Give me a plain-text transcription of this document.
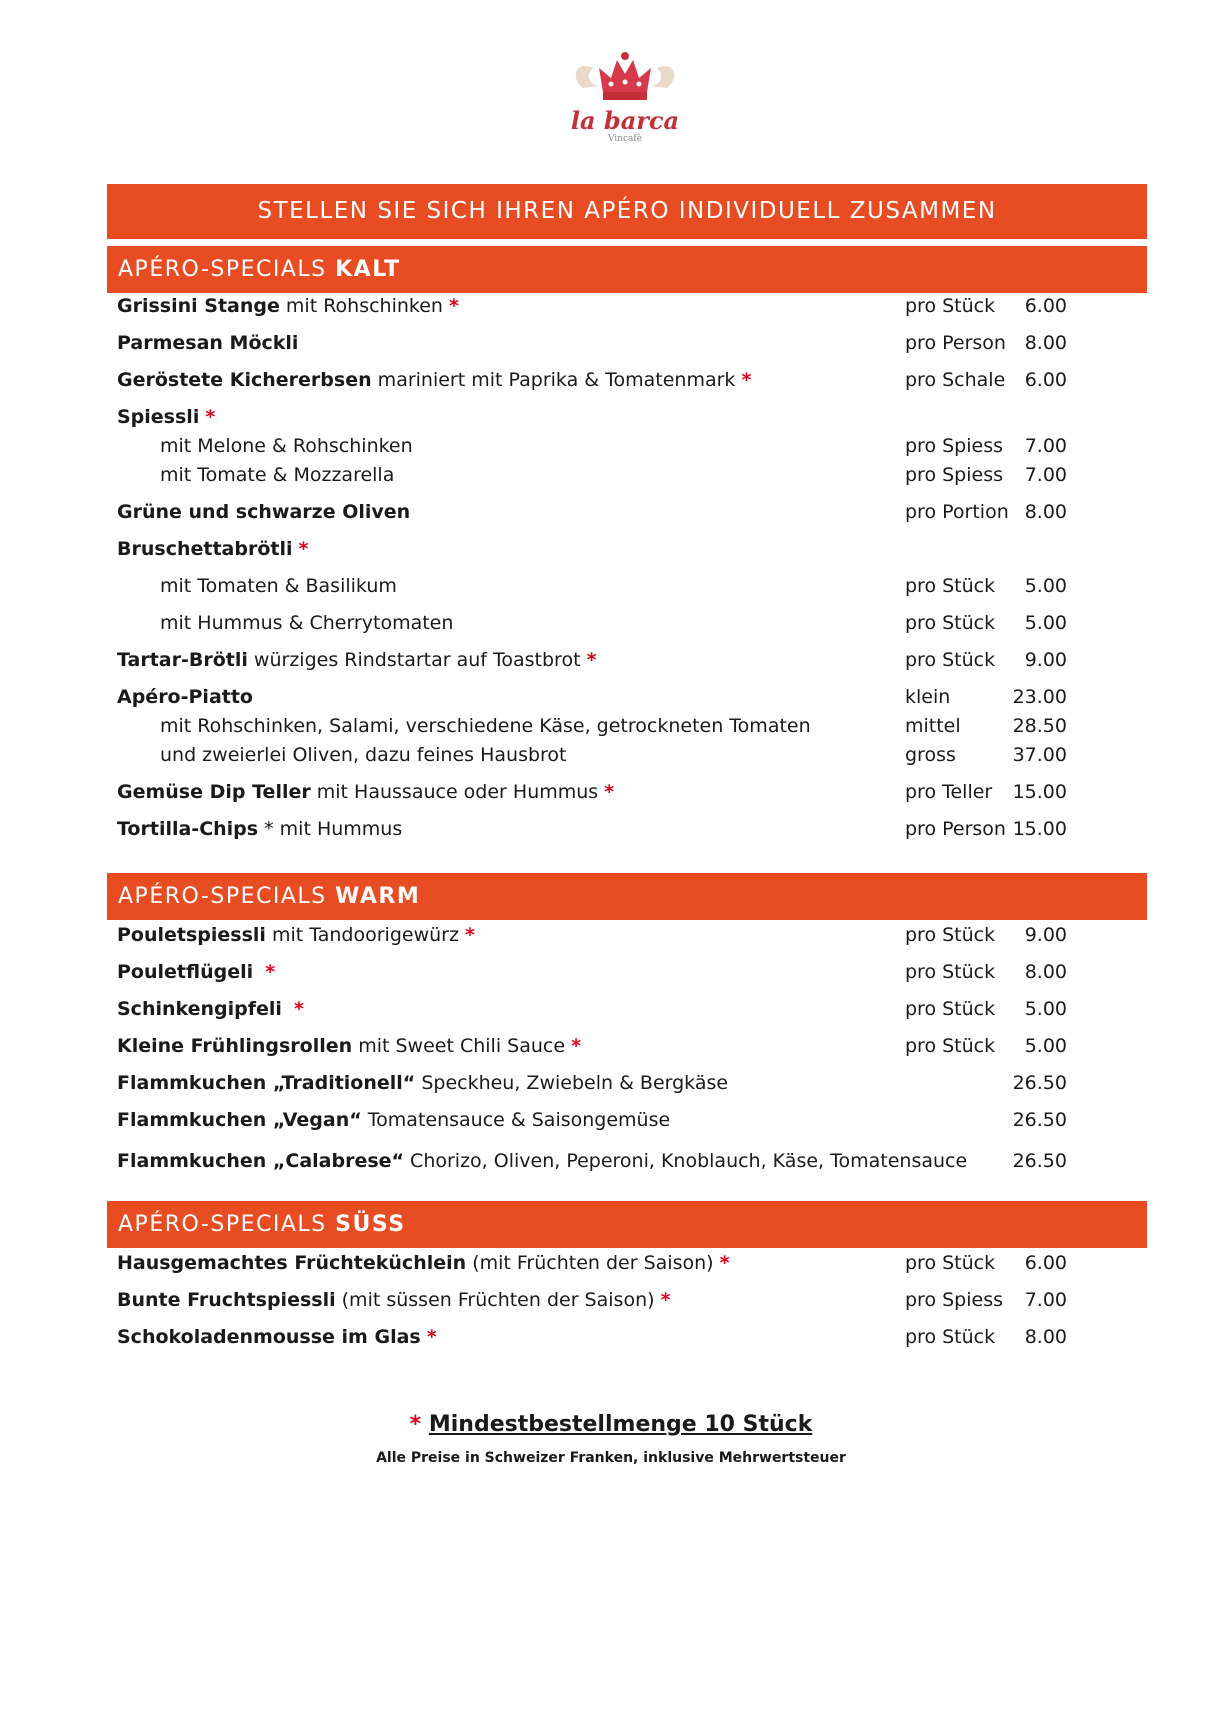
la barca
Vincafè
STELLEN SIE SICH IHREN APÉRO INDIVIDUELL ZUSAMMEN
APÉRO-SPECIALS KALT
APÉRO-SPECIALS WARM
APÉRO-SPECIALS SÜSS
Grissini Stange mit Rohschinken *	pro Stück 6.00
Parmesan Möckli	pro Person 8.00
Geröstete Kichererbsen mariniert mit Paprika & Tomatenmark *	pro Schale 6.00
Spiessli *
mit Melone & Rohschinken	pro Spiess 7.00
mit Tomate & Mozzarella	pro Spiess 7.00
Grüne und schwarze Oliven	pro Portion 8.00
Bruschettabrötli *
mit Tomaten & Basilikum	pro Stück 5.00
mit Hummus & Cherrytomaten	pro Stück 5.00
Tartar-Brötli würziges Rindstartar auf Toastbrot *	pro Stück 9.00
Apéro-Piatto	klein	23.00
mit Rohschinken, Salami, verschiedene Käse, getrockneten Tomaten	mittel	28.50
und zweierlei Oliven, dazu feines Hausbrot	gross	37.00
Gemüse Dip Teller mit Haussauce oder Hummus *	pro Teller 15.00
Tortilla-Chips * mit Hummus	pro Person 15.00
Pouletspiessli mit Tandoorigewürz *	pro Stück 9.00
Pouletflügeli *	pro Stück 8.00
Schinkengipfeli *	pro Stück 5.00
Kleine Frühlingsrollen mit Sweet Chili Sauce *	pro Stück 5.00
Flammkuchen „Traditionell“ Speckheu, Zwiebeln & Bergkäse	26.50
Flammkuchen „Vegan“ Tomatensauce & Saisongemüse	26.50
Flammkuchen „Calabrese“ Chorizo, Oliven, Peperoni, Knoblauch, Käse, Tomatensauce 26.50
Hausgemachtes Früchteküchlein (mit Früchten der Saison) *	pro Stück 6.00
Bunte Fruchtspiessli (mit süssen Früchten der Saison) *	pro Spiess 7.00
Schokoladenmousse im Glas *	pro Stück 8.00
* Mindestbestellmenge 10 Stück
Alle Preise in Schweizer Franken, inklusive Mehrwertsteuer
